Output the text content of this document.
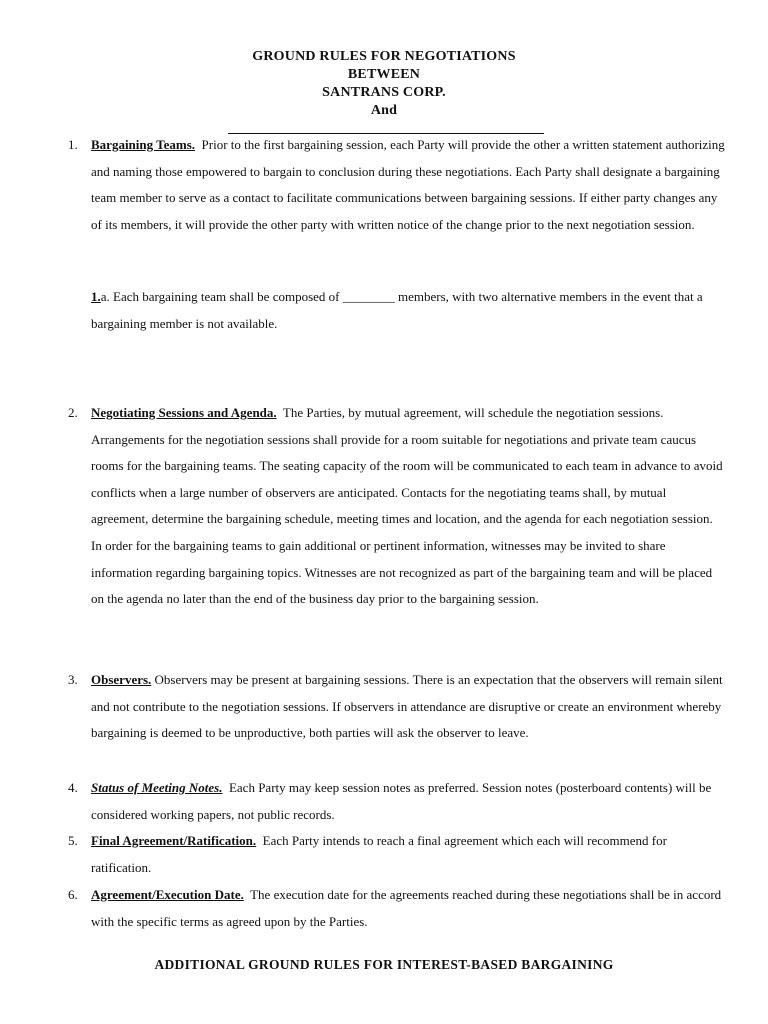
GROUND RULES FOR NEGOTIATIONS
BETWEEN
SANTRANS CORP.
And
1.	Bargaining Teams. Prior to the first bargaining session, each Party will provide the other a written statement authorizing and naming those empowered to bargain to conclusion during these negotiations. Each Party shall designate a bargaining team member to serve as a contact to facilitate communications between bargaining sessions. If either party changes any of its members, it will provide the other party with written notice of the change prior to the next negotiation session.
1.a. Each bargaining team shall be composed of ________ members, with two alternative members in the event that a bargaining member is not available.
2.	Negotiating Sessions and Agenda. The Parties, by mutual agreement, will schedule the negotiation sessions. Arrangements for the negotiation sessions shall provide for a room suitable for negotiations and private team caucus rooms for the bargaining teams. The seating capacity of the room will be communicated to each team in advance to avoid conflicts when a large number of observers are anticipated. Contacts for the negotiating teams shall, by mutual agreement, determine the bargaining schedule, meeting times and location, and the agenda for each negotiation session. In order for the bargaining teams to gain additional or pertinent information, witnesses may be invited to share information regarding bargaining topics. Witnesses are not recognized as part of the bargaining team and will be placed on the agenda no later than the end of the business day prior to the bargaining session.
3.	Observers. Observers may be present at bargaining sessions. There is an expectation that the observers will remain silent and not contribute to the negotiation sessions. If observers in attendance are disruptive or create an environment whereby bargaining is deemed to be unproductive, both parties will ask the observer to leave.
4.	Status of Meeting Notes. Each Party may keep session notes as preferred. Session notes (posterboard contents) will be considered working papers, not public records.
5.	Final Agreement/Ratification. Each Party intends to reach a final agreement which each will recommend for ratification.
6.	Agreement/Execution Date. The execution date for the agreements reached during these negotiations shall be in accord with the specific terms as agreed upon by the Parties.
ADDITIONAL GROUND RULES FOR INTEREST-BASED BARGAINING
